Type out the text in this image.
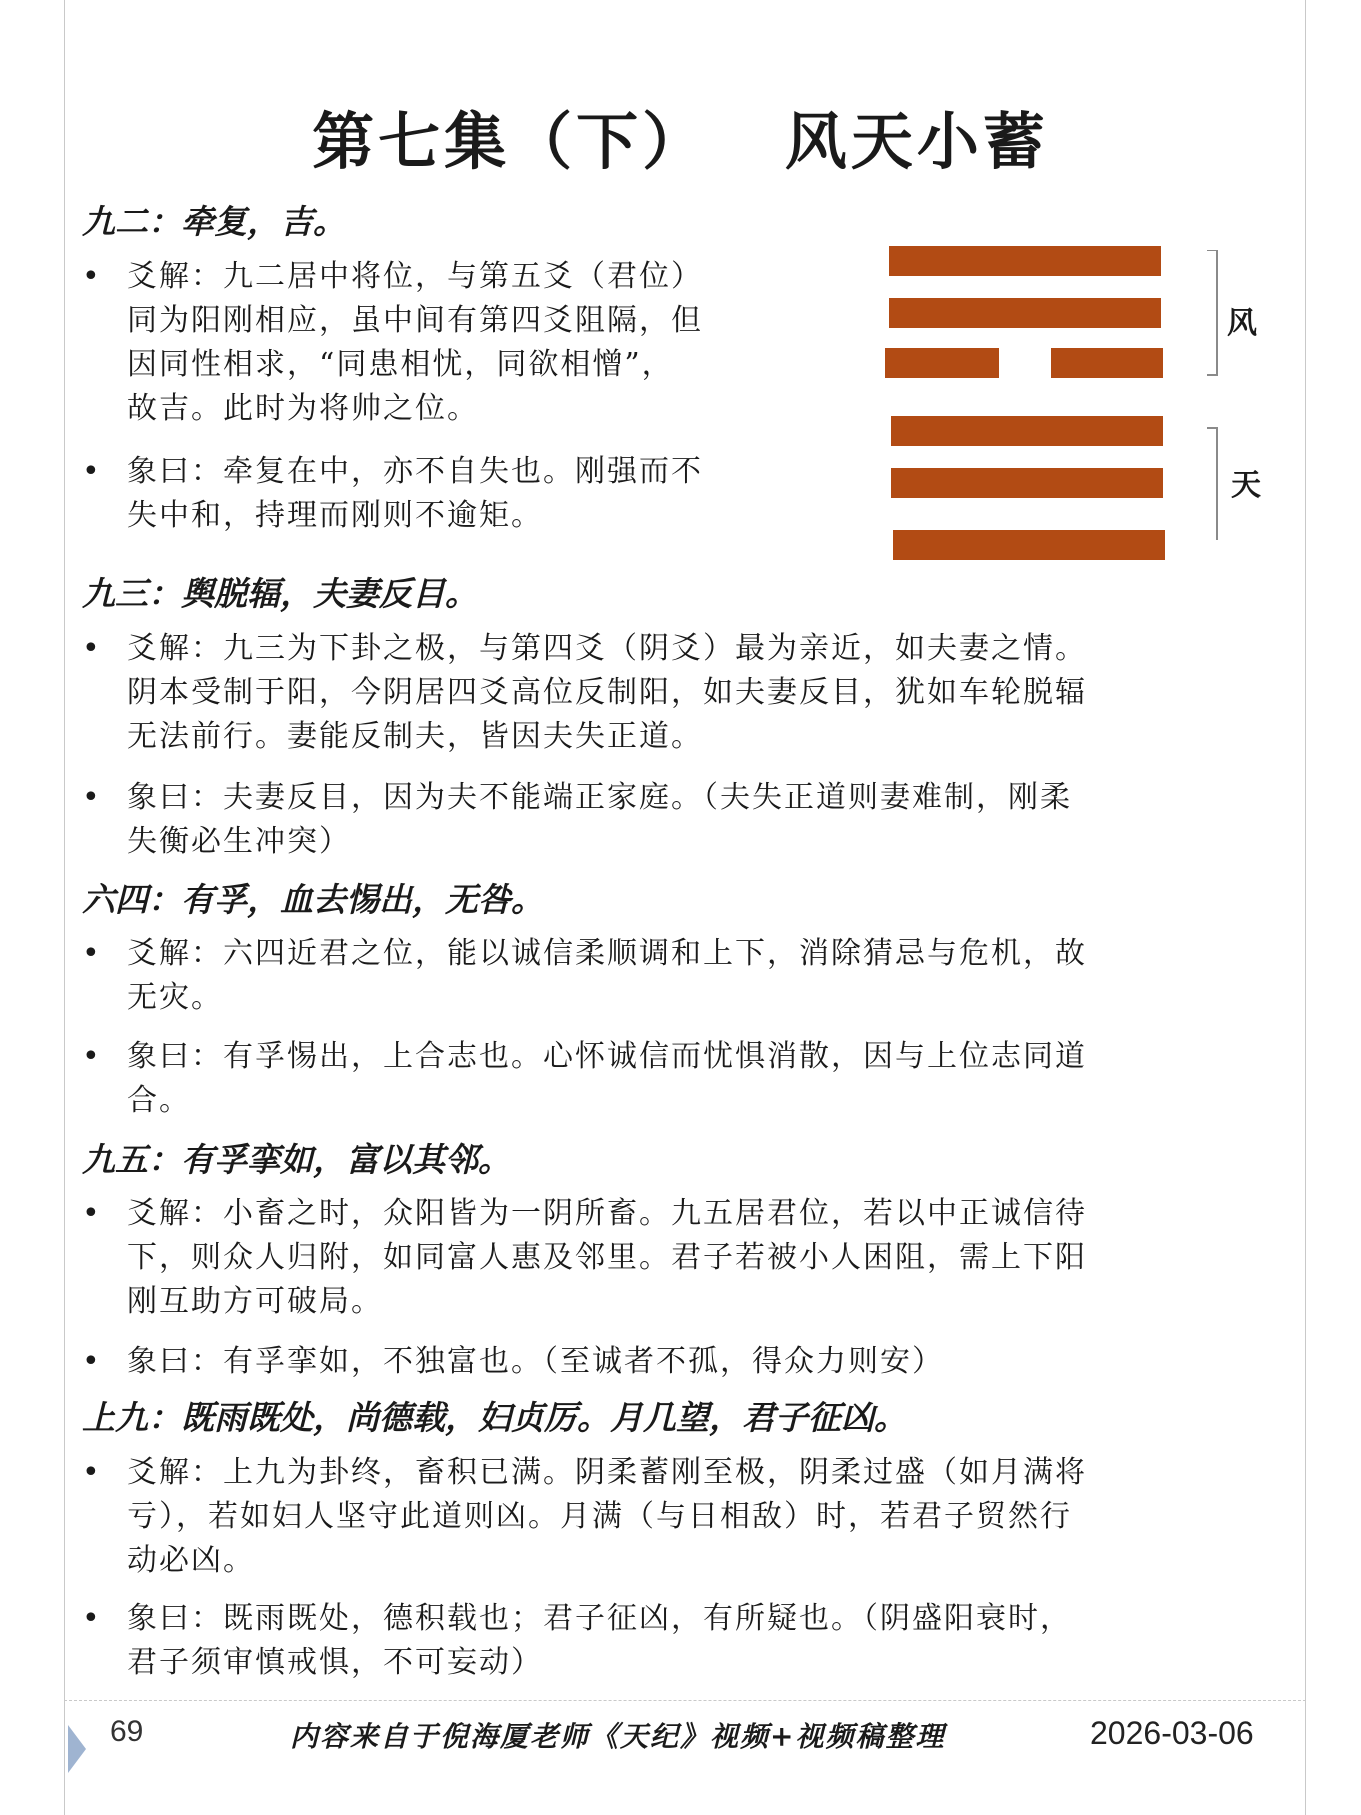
第七集（下）   风天小蓄
九二：牵复，吉。
• 爻解：九二居中将位，与第五爻（君位）
同为阳刚相应，虽中间有第四爻阻隔，但
因同性相求，“同患相忧，同欲相憎”，
故吉。此时为将帅之位。
• 象曰：牵复在中，亦不自失也。刚强而不
失中和，持理而刚则不逾矩。
风
天
九三：舆脱辐，夫妻反目。
• 爻解：九三为下卦之极，与第四爻（阴爻）最为亲近，如夫妻之情。
阴本受制于阳，今阴居四爻高位反制阳，如夫妻反目，犹如车轮脱辐
无法前行。妻能反制夫，皆因夫失正道。
• 象曰：夫妻反目，因为夫不能端正家庭。（夫失正道则妻难制，刚柔
失衡必生冲突）
六四：有孚，血去惕出，无咎。
• 爻解：六四近君之位，能以诚信柔顺调和上下，消除猜忌与危机，故
无灾。
• 象曰：有孚惕出，上合志也。心怀诚信而忧惧消散，因与上位志同道
合。
九五：有孚挛如，富以其邻。
• 爻解：小畜之时，众阳皆为一阴所畜。九五居君位，若以中正诚信待
下，则众人归附，如同富人惠及邻里。君子若被小人困阻，需上下阳
刚互助方可破局。
• 象曰：有孚挛如，不独富也。（至诚者不孤，得众力则安）
上九：既雨既处，尚德载，妇贞厉。月几望，君子征凶。
• 爻解：上九为卦终，畜积已满。阴柔蓄刚至极，阴柔过盛（如月满将
亏），若如妇人坚守此道则凶。月满（与日相敌）时，若君子贸然行
动必凶。
• 象曰：既雨既处，德积载也；君子征凶，有所疑也。（阴盛阳衰时，
君子须审慎戒惧，不可妄动）
69	内容来自于倪海厦老师《天纪》视频+视频稿整理	2026-03-06
